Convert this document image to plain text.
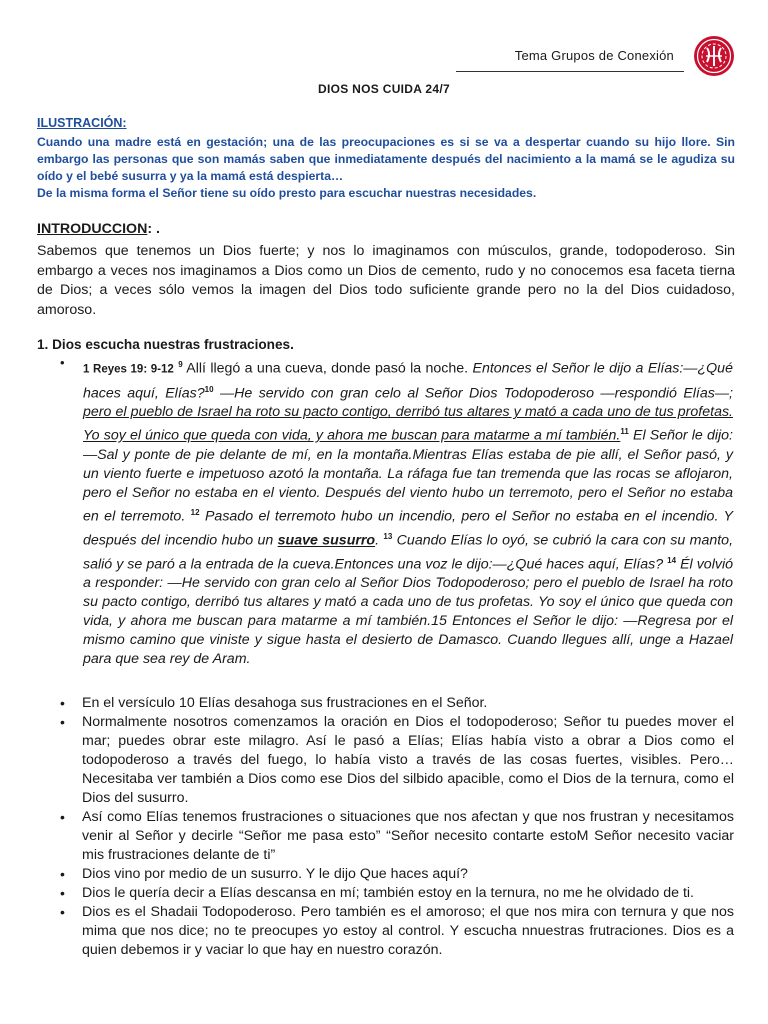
Tema Grupos de Conexión
DIOS NOS CUIDA 24/7
ILUSTRACIÓN:

Cuando una madre está en gestación; una de las preocupaciones es si se va a despertar cuando su hijo llore. Sin embargo las personas que son mamás saben que inmediatamente después del nacimiento a la mamá se le agudiza su oído y el bebé susurra y ya la mamá está despierta…

De la misma forma el Señor tiene su oído presto para escuchar nuestras necesidades.

INTRODUCCION: .

Sabemos que tenemos un Dios fuerte; y nos lo imaginamos con músculos, grande, todopoderoso. Sin embargo a veces nos imaginamos a Dios como un Dios de cemento, rudo y no conocemos esa faceta tierna de Dios; a veces sólo vemos la imagen del Dios todo suficiente grande pero no la del Dios cuidadoso, amoroso.

1. Dios escucha nuestras frustraciones.
• 1 Reyes 19: 9-12 $^9$ Allí llegó a una cueva, donde pasó la noche. Entonces el Señor le dijo a Elías:—¿Qué haces aquí, Elías?$^{10}$ —He servido con gran celo al Señor Dios Todopoderoso —respondió Elías—; pero el pueblo de Israel ha roto su pacto contigo, derribó tus altares y mató a cada uno de tus profetas. Yo soy el único que queda con vida, y ahora me buscan para matarme a mí también.$^{11}$ El Señor le dijo:—Sal y ponte de pie delante de mí, en la montaña.Mientras Elías estaba de pie allí, el Señor pasó, y un viento fuerte e impetuoso azotó la montaña. La ráfaga fue tan tremenda que las rocas se aflojaron, pero el Señor no estaba en el viento. Después del viento hubo un terremoto, pero el Señor no estaba en el terremoto. $^{12}$ Pasado el terremoto hubo un incendio, pero el Señor no estaba en el incendio. Y después del incendio hubo un suave susurro. $^{13}$ Cuando Elías lo oyó, se cubrió la cara con su manto, salió y se paró a la entrada de la cueva.Entonces una voz le dijo:—¿Qué haces aquí, Elías? $^{14}$ Él volvió a responder: —He servido con gran celo al Señor Dios Todopoderoso; pero el pueblo de Israel ha roto su pacto contigo, derribó tus altares y mató a cada uno de tus profetas. Yo soy el único que queda con vida, y ahora me buscan para matarme a mí también.15 Entonces el Señor le dijo: —Regresa por el mismo camino que viniste y sigue hasta el desierto de Damasco. Cuando llegues allí, unge a Hazael para que sea rey de Aram.

• En el versículo 10 Elías desahoga sus frustraciones en el Señor.
• Normalmente nosotros comenzamos la oración en Dios el todopoderoso; Señor tu puedes mover el mar; puedes obrar este milagro. Así le pasó a Elías; Elías había visto a obrar a Dios como el todopoderoso a través del fuego, lo había visto a través de las cosas fuertes, visibles. Pero… Necesitaba ver también a Dios como ese Dios del silbido apacible, como el Dios de la ternura, como el Dios del susurro.
• Así como Elías tenemos frustraciones o situaciones que nos afectan y que nos frustran y necesitamos venir al Señor y decirle “Señor me pasa esto” “Señor necesito contarte estoM Señor necesito vaciar mis frustraciones delante de ti”
• Dios vino por medio de un susurro. Y le dijo Que haces aquí?
• Dios le quería decir a Elías descansa en mí; también estoy en la ternura, no me he olvidado de ti.
• Dios es el Shadaii Todopoderoso. Pero también es el amoroso; el que nos mira con ternura y que nos mima que nos dice; no te preocupes yo estoy al control. Y escucha nnuestras frutraciones. Dios es a quien debemos ir y vaciar lo que hay en nuestro corazón.
